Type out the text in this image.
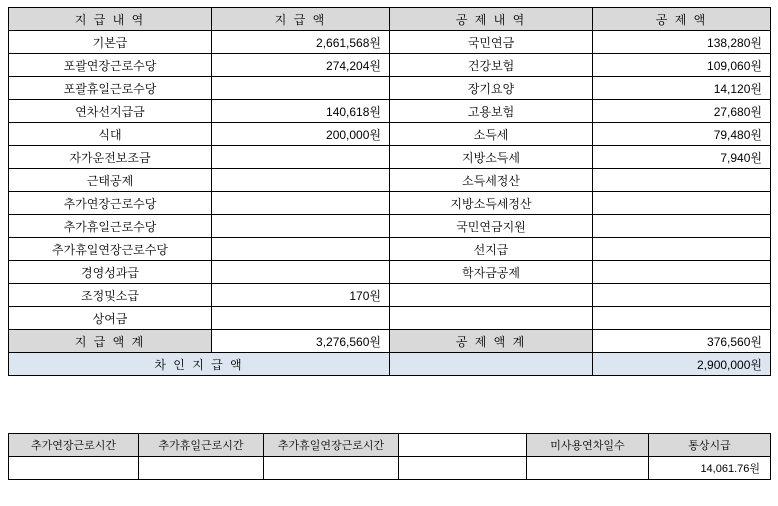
지 급 내 역	지 급 액	공 제 내 역	공 제 액
기본급	2,661,568원	국민연금	138,280원
포괄연장근로수당	274,204원	건강보험	109,060원
포괄휴일근로수당		장기요양	14,120원
연차선지급금	140,618원	고용보험	27,680원
식대	200,000원	소득세	79,480원
자가운전보조금		지방소득세	7,940원
근태공제		소득세정산	
추가연장근로수당		지방소득세정산	
추가휴일근로수당		국민연금지원	
추가휴일연장근로수당		선지급	
경영성과급		학자금공제	
조정및소급	170원		
상여금			
지 급 액 계	3,276,560원	공 제 액 계	376,560원
차 인 지 급 액			2,900,000원
추가연장근로시간	추가휴일근로시간	추가휴일연장근로시간		미사용연차일수	통상시급
					14,061.76원
